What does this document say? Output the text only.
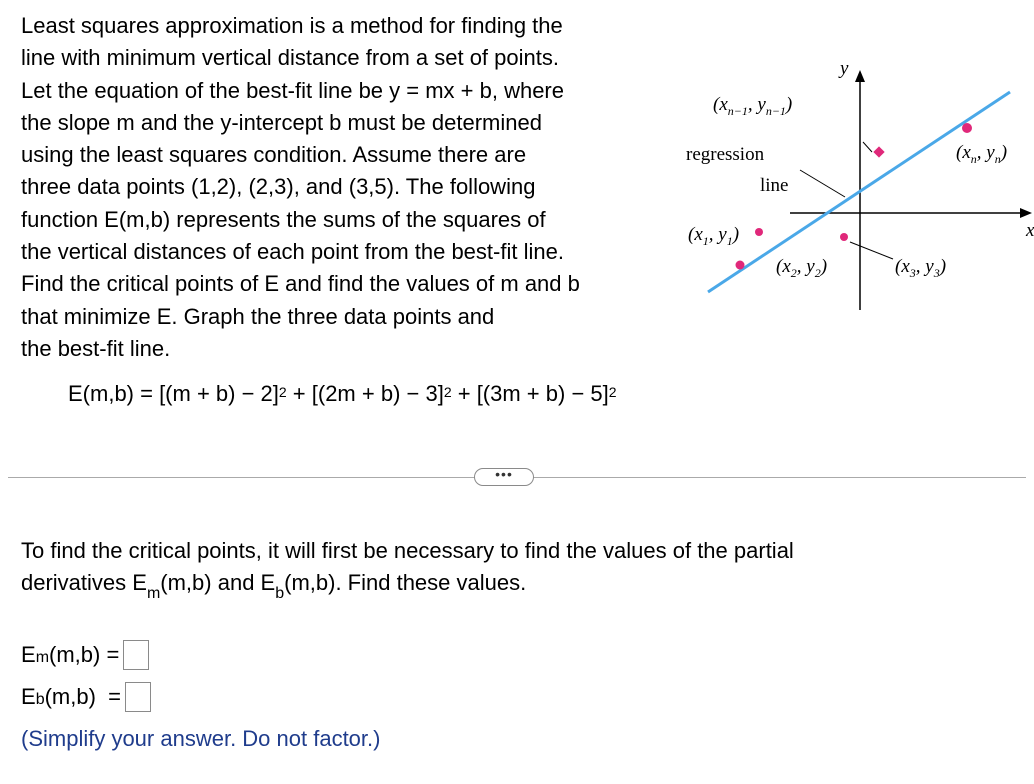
Least squares approximation is a method for finding the
line with minimum vertical distance from a set of points.
Let the equation of the best-fit line be y = mx + b, where
the slope m and the y-intercept b must be determined
using the least squares condition. Assume there are
three data points (1,2), (2,3), and (3,5). The following
function E(m,b) represents the sums of the squares of
the vertical distances of each point from the best-fit line.
Find the critical points of E and find the values of m and b
that minimize E. Graph the three data points and
the best-fit line.
$E(m,b) = [(m + b) - 2]^2 + [(2m + b) - 3]^2 + [(3m + b) - 5]^2$
y
x
regression
line
($x_{n-1}$, $y_{n-1}$)
($x_n$, $y_n$)
($x_1$, $y_1$)
($x_2$, $y_2$)	($x_3$, $y_3$)
•••
To find the critical points, it will first be necessary to find the values of the partial
derivatives $E_m(m,b)$ and $E_b(m,b)$. Find these values.
$E_m$ (m,b) =
$E_b$ (m,b)  =
(Simplify your answer. Do not factor.)
